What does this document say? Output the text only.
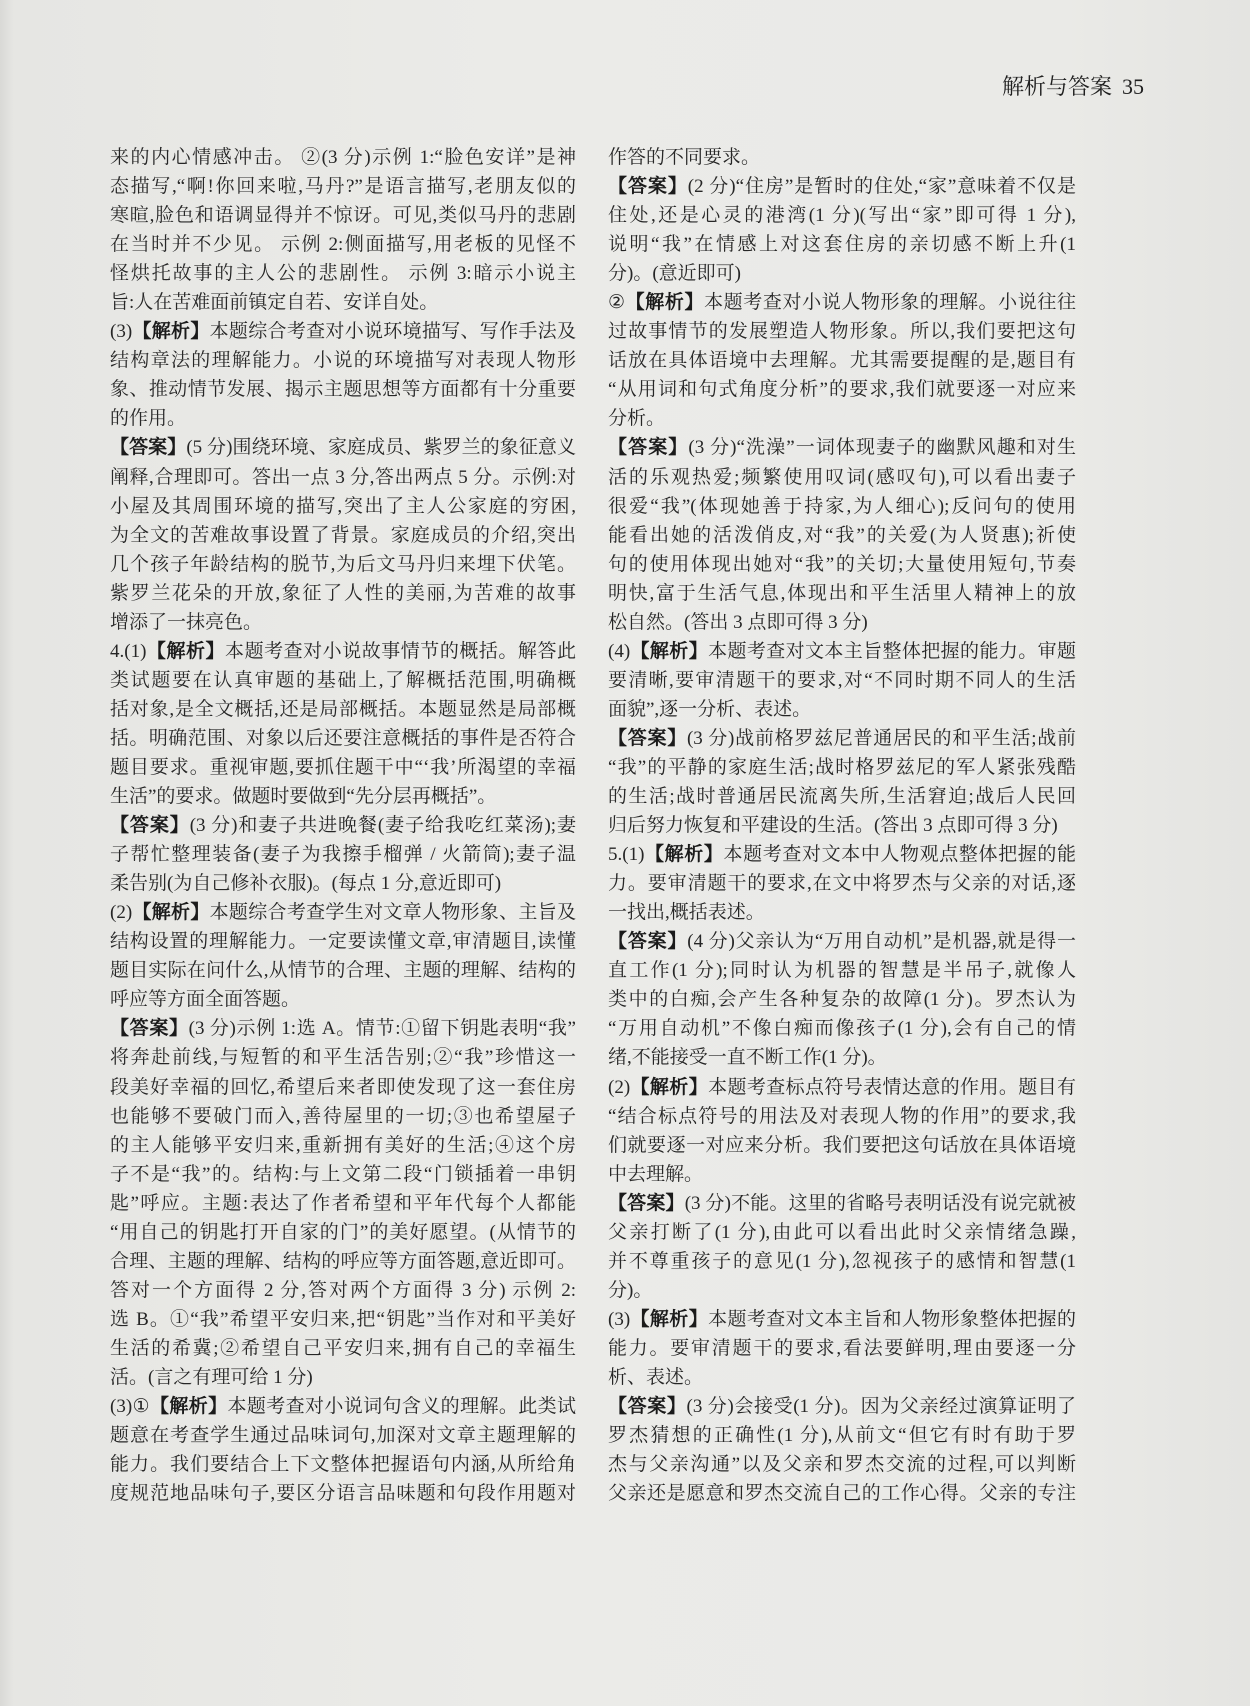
解析与答案 35
来的内心情感冲击。 ②(3 分)示例 1:“脸色安详”是神
态描写,“啊!你回来啦,马丹?”是语言描写,老朋友似的
寒暄,脸色和语调显得并不惊讶。可见,类似马丹的悲剧
在当时并不少见。 示例 2:侧面描写,用老板的见怪不
怪烘托故事的主人公的悲剧性。 示例 3:暗示小说主
旨:人在苦难面前镇定自若、安详自处。
(3)【解析】本题综合考查对小说环境描写、写作手法及
结构章法的理解能力。小说的环境描写对表现人物形
象、推动情节发展、揭示主题思想等方面都有十分重要
的作用。
【答案】(5 分)围绕环境、家庭成员、紫罗兰的象征意义
阐释,合理即可。答出一点 3 分,答出两点 5 分。示例:对
小屋及其周围环境的描写,突出了主人公家庭的穷困,
为全文的苦难故事设置了背景。家庭成员的介绍,突出
几个孩子年龄结构的脱节,为后文马丹归来埋下伏笔。
紫罗兰花朵的开放,象征了人性的美丽,为苦难的故事
增添了一抹亮色。
4.(1)【解析】本题考查对小说故事情节的概括。解答此
类试题要在认真审题的基础上,了解概括范围,明确概
括对象,是全文概括,还是局部概括。本题显然是局部概
括。明确范围、对象以后还要注意概括的事件是否符合
题目要求。重视审题,要抓住题干中“‘我’所渴望的幸福
生活”的要求。做题时要做到“先分层再概括”。
【答案】(3 分)和妻子共进晚餐(妻子给我吃红菜汤);妻
子帮忙整理装备(妻子为我擦手榴弹 / 火箭筒);妻子温
柔告别(为自己修补衣服)。(每点 1 分,意近即可)
(2)【解析】本题综合考查学生对文章人物形象、主旨及
结构设置的理解能力。一定要读懂文章,审清题目,读懂
题目实际在问什么,从情节的合理、主题的理解、结构的
呼应等方面全面答题。
【答案】(3 分)示例 1:选 A。情节:①留下钥匙表明“我”
将奔赴前线,与短暂的和平生活告别;②“我”珍惜这一
段美好幸福的回忆,希望后来者即使发现了这一套住房
也能够不要破门而入,善待屋里的一切;③也希望屋子
的主人能够平安归来,重新拥有美好的生活;④这个房
子不是“我”的。结构:与上文第二段“门锁插着一串钥
匙”呼应。主题:表达了作者希望和平年代每个人都能
“用自己的钥匙打开自家的门”的美好愿望。(从情节的
合理、主题的理解、结构的呼应等方面答题,意近即可。
答对一个方面得 2 分,答对两个方面得 3 分) 示例 2:
选 B。①“我”希望平安归来,把“钥匙”当作对和平美好
生活的希冀;②希望自己平安归来,拥有自己的幸福生
活。(言之有理可给 1 分)
(3)①【解析】本题考查对小说词句含义的理解。此类试
题意在考查学生通过品味词句,加深对文章主题理解的
能力。我们要结合上下文整体把握语句内涵,从所给角
度规范地品味句子,要区分语言品味题和句段作用题对
作答的不同要求。
【答案】(2 分)“住房”是暂时的住处,“家”意味着不仅是
住处,还是心灵的港湾(1 分)(写出“家”即可得 1 分),
说明“我”在情感上对这套住房的亲切感不断上升(1
分)。(意近即可)
②【解析】本题考查对小说人物形象的理解。小说往往
过故事情节的发展塑造人物形象。所以,我们要把这句
话放在具体语境中去理解。尤其需要提醒的是,题目有
“从用词和句式角度分析”的要求,我们就要逐一对应来
分析。
【答案】(3 分)“洗澡”一词体现妻子的幽默风趣和对生
活的乐观热爱;频繁使用叹词(感叹句),可以看出妻子
很爱“我”(体现她善于持家,为人细心);反问句的使用
能看出她的活泼俏皮,对“我”的关爱(为人贤惠);祈使
句的使用体现出她对“我”的关切;大量使用短句,节奏
明快,富于生活气息,体现出和平生活里人精神上的放
松自然。(答出 3 点即可得 3 分)
(4)【解析】本题考查对文本主旨整体把握的能力。审题
要清晰,要审清题干的要求,对“不同时期不同人的生活
面貌”,逐一分析、表述。
【答案】(3 分)战前格罗兹尼普通居民的和平生活;战前
“我”的平静的家庭生活;战时格罗兹尼的军人紧张残酷
的生活;战时普通居民流离失所,生活窘迫;战后人民回
归后努力恢复和平建设的生活。(答出 3 点即可得 3 分)
5.(1)【解析】本题考查对文本中人物观点整体把握的能
力。要审清题干的要求,在文中将罗杰与父亲的对话,逐
一找出,概括表述。
【答案】(4 分)父亲认为“万用自动机”是机器,就是得一
直工作(1 分);同时认为机器的智慧是半吊子,就像人
类中的白痴,会产生各种复杂的故障(1 分)。罗杰认为
“万用自动机”不像白痴而像孩子(1 分),会有自己的情
绪,不能接受一直不断工作(1 分)。
(2)【解析】本题考查标点符号表情达意的作用。题目有
“结合标点符号的用法及对表现人物的作用”的要求,我
们就要逐一对应来分析。我们要把这句话放在具体语境
中去理解。
【答案】(3 分)不能。这里的省略号表明话没有说完就被
父亲打断了(1 分),由此可以看出此时父亲情绪急躁,
并不尊重孩子的意见(1 分),忽视孩子的感情和智慧(1
分)。
(3)【解析】本题考查对文本主旨和人物形象整体把握的
能力。要审清题干的要求,看法要鲜明,理由要逐一分
析、表述。
【答案】(3 分)会接受(1 分)。因为父亲经过演算证明了
罗杰猜想的正确性(1 分),从前文“但它有时有助于罗
杰与父亲沟通”以及父亲和罗杰交流的过程,可以判断
父亲还是愿意和罗杰交流自己的工作心得。父亲的专注
